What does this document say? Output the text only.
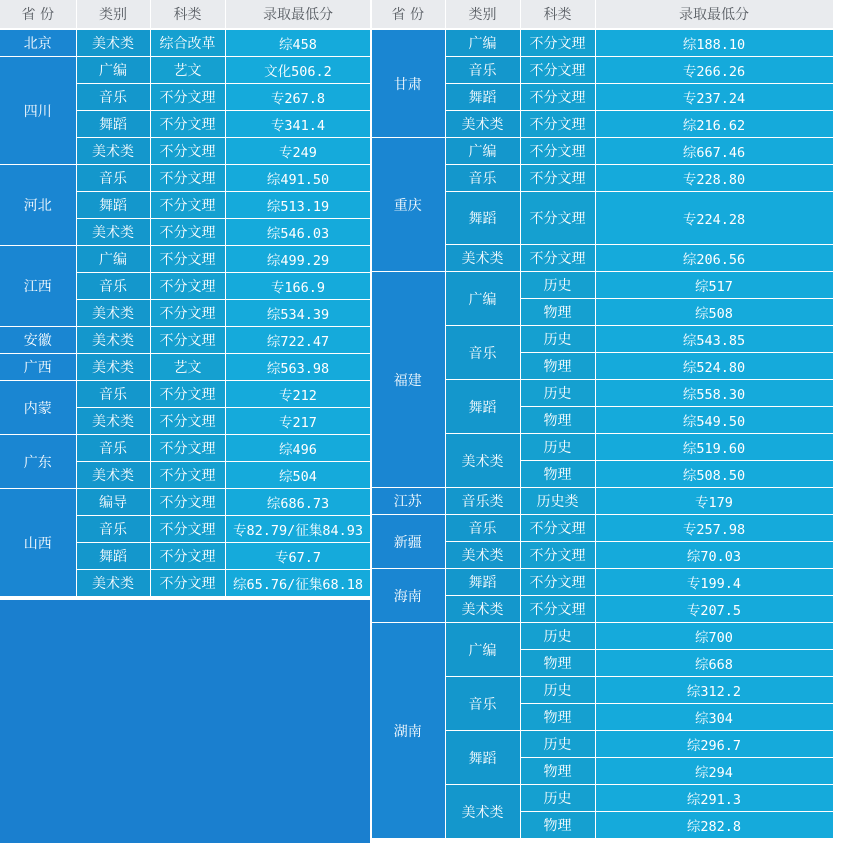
省 份	类别	科类	录取最低分
北京	美术类	综合改革	综458
四川	广编	艺文	文化506.2
	音乐	不分文理	专267.8
	舞蹈	不分文理	专341.4
	美术类	不分文理	专249
河北	音乐	不分文理	综491.50
	舞蹈	不分文理	综513.19
	美术类	不分文理	综546.03
江西	广编	不分文理	综499.29
	音乐	不分文理	专166.9
	美术类	不分文理	综534.39
安徽	美术类	不分文理	综722.47
广西	美术类	艺文	综563.98
内蒙	音乐	不分文理	专212
	美术类	不分文理	专217
广东	音乐	不分文理	综496
	美术类	不分文理	综504
山西	编导	不分文理	综686.73
	音乐	不分文理	专82.79/征集84.93
	舞蹈	不分文理	专67.7
	美术类	不分文理	综65.76/征集68.18
省 份	类别	科类	录取最低分
甘肃	广编	不分文理	综188.10
	音乐	不分文理	专266.26
	舞蹈	不分文理	专237.24
	美术类	不分文理	综216.62
重庆	广编	不分文理	综667.46
	音乐	不分文理	专228.80
	舞蹈	不分文理	专224.28
	美术类	不分文理	综206.56
福建	广编	历史	综517
		物理	综508
	音乐	历史	综543.85
		物理	综524.80
	舞蹈	历史	综558.30
		物理	综549.50
	美术类	历史	综519.60
		物理	综508.50
江苏	音乐类	历史类	专179
新疆	音乐	不分文理	专257.98
	美术类	不分文理	综70.03
海南	舞蹈	不分文理	专199.4
	美术类	不分文理	专207.5
湖南	广编	历史	综700
		物理	综668
	音乐	历史	综312.2
		物理	综304
	舞蹈	历史	综296.7
		物理	综294
	美术类	历史	综291.3
		物理	综282.8
